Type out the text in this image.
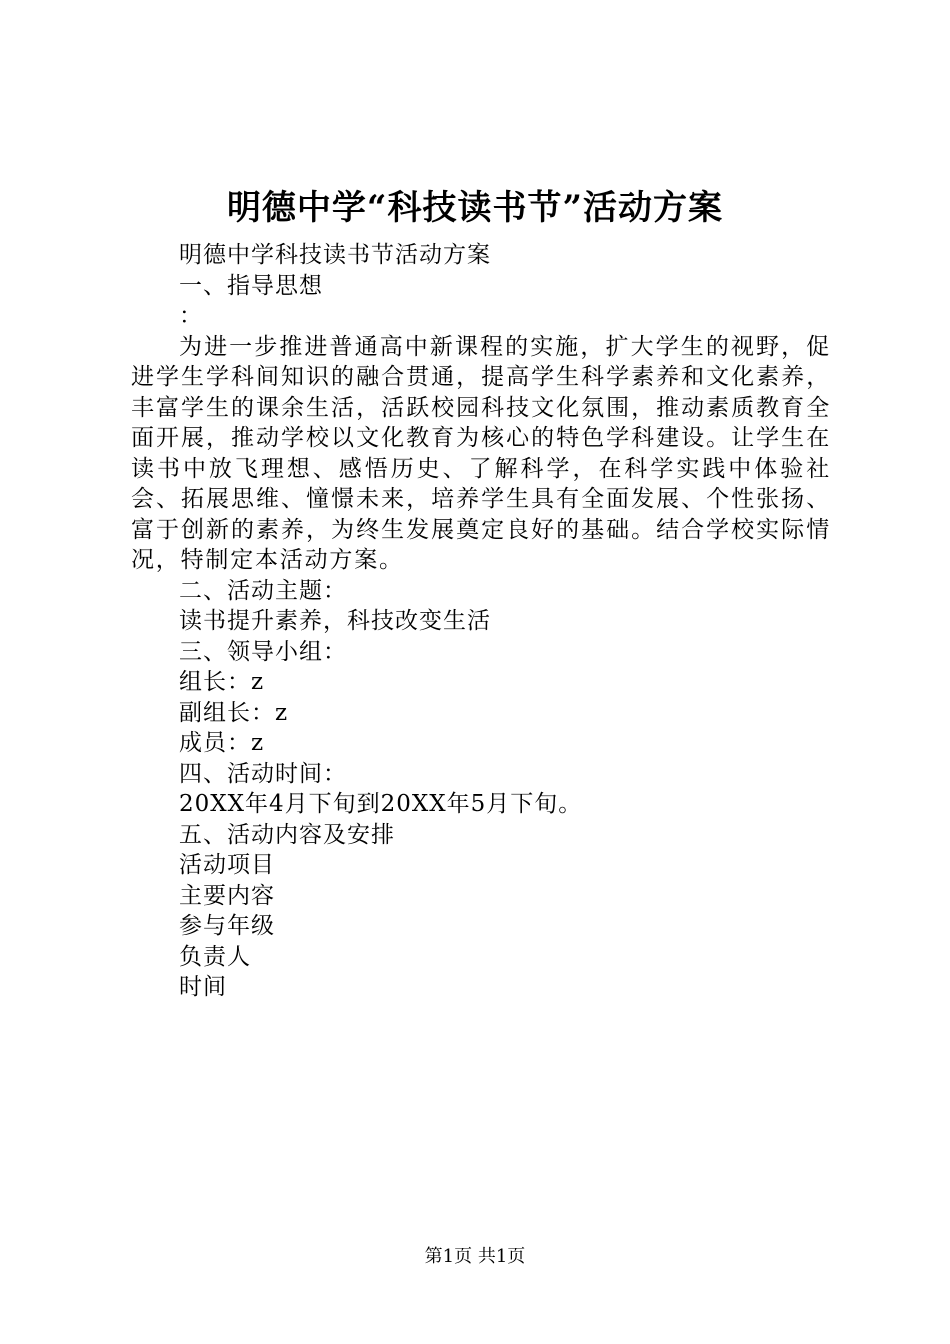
明德中学“科技读书节”活动方案
明德中学科技读书节活动方案
一、指导思想
：
为进一步推进普通高中新课程的实施，扩大学生的视野，促进学生学科间知识的融合贯通，提高学生科学素养和文化素养，丰富学生的课余生活，活跃校园科技文化氛围，推动素质教育全面开展，推动学校以文化教育为核心的特色学科建设。让学生在读书中放飞理想、感悟历史、了解科学，在科学实践中体验社会、拓展思维、憧憬未来，培养学生具有全面发展、个性张扬、富于创新的素养，为终生发展奠定良好的基础。结合学校实际情况，特制定本活动方案。
二、活动主题：
读书提升素养，科技改变生活
三、领导小组：
组长：z
副组长：z
成员：z
四、活动时间：
20XX年4月下旬到20XX年5月下旬。
五、活动内容及安排
活动项目
主要内容
参与年级
负责人
时间
第1页 共1页
